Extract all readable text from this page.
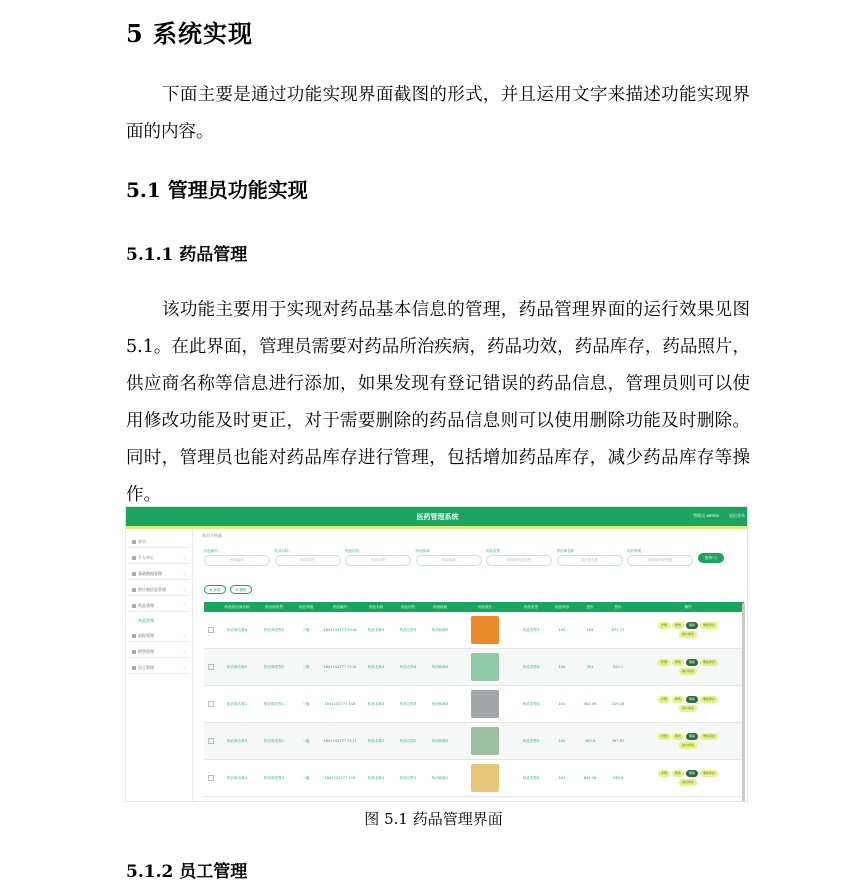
5 系统实现
下面主要是通过功能实现界面截图的形式，并且运用文字来描述功能实现界面的内容。
5.1 管理员功能实现
5.1.1 药品管理
该功能主要用于实现对药品基本信息的管理，药品管理界面的运行效果见图5.1。在此界面，管理员需要对药品所治疾病，药品功效，药品库存，药品照片，供应商名称等信息进行添加，如果发现有登记错误的药品信息，管理员则可以使用修改功能及时更正，对于需要删除的药品信息则可以使用删除功能及时删除。同时，管理员也能对药品库存进行管理，包括增加药品库存，减少药品库存等操作。
医药管理系统	管理员 admin	退出登录
首页
个人中心	⌄
基础数据管理	⌄
供应商信息管理	⌄
药品管理	⌃
药品管理
追踪管理	⌄
销售管理	⌄
员工管理	⌄
首页 / 药品
药品编号
药品编号
药品名称
药品名称
药品功效
药品功效
所治疾病
所治疾病
药品类型
请选择药品类型
供应商名称
供应商名称
药品等级
请选择药品等级	查询 ○
⊕ 新增	⊖ 删除
	药品供应商名称	供应商类型	药品等级	药品编号	药品名称	药品功效	所治疾病	药品照片	药品类型	药品库存	进价	售价	操作
	供应商名称4	供应商类型2	三级	1647152777 5216	药品名称5	药品功效5	所治疾病5		药品类型1	105	164	877.77	详情 修改 删除 增加库存
减少库存

	供应商名称4	供应商类型2	三级	1647152777 5115	药品名称4	药品功效4	所治疾病4		药品类型4	184	331	520.1	详情 修改 删除 增加库存
减少库存

	供应商名称1	供应商类型1	三级	1647152777 518	药品名称3	药品功效3	所治疾病3		药品类型4	101	462.09	519.16	详情 修改 删除 增加库存
减少库存

	供应商名称3	供应商类型1	二级	1647152777 5111	药品名称2	药品功效2	所治疾病2		药品类型3	102	460.6	367.87	详情 修改 删除 增加库存
减少库存

	供应商名称1	供应商类型3	一级	1647152777 519	药品名称1	药品功效1	所治疾病1		药品类型2	101	844.58	934.4	详情 修改 删除 增加库存
减少库存
图 5.1 药品管理界面
5.1.2 员工管理
